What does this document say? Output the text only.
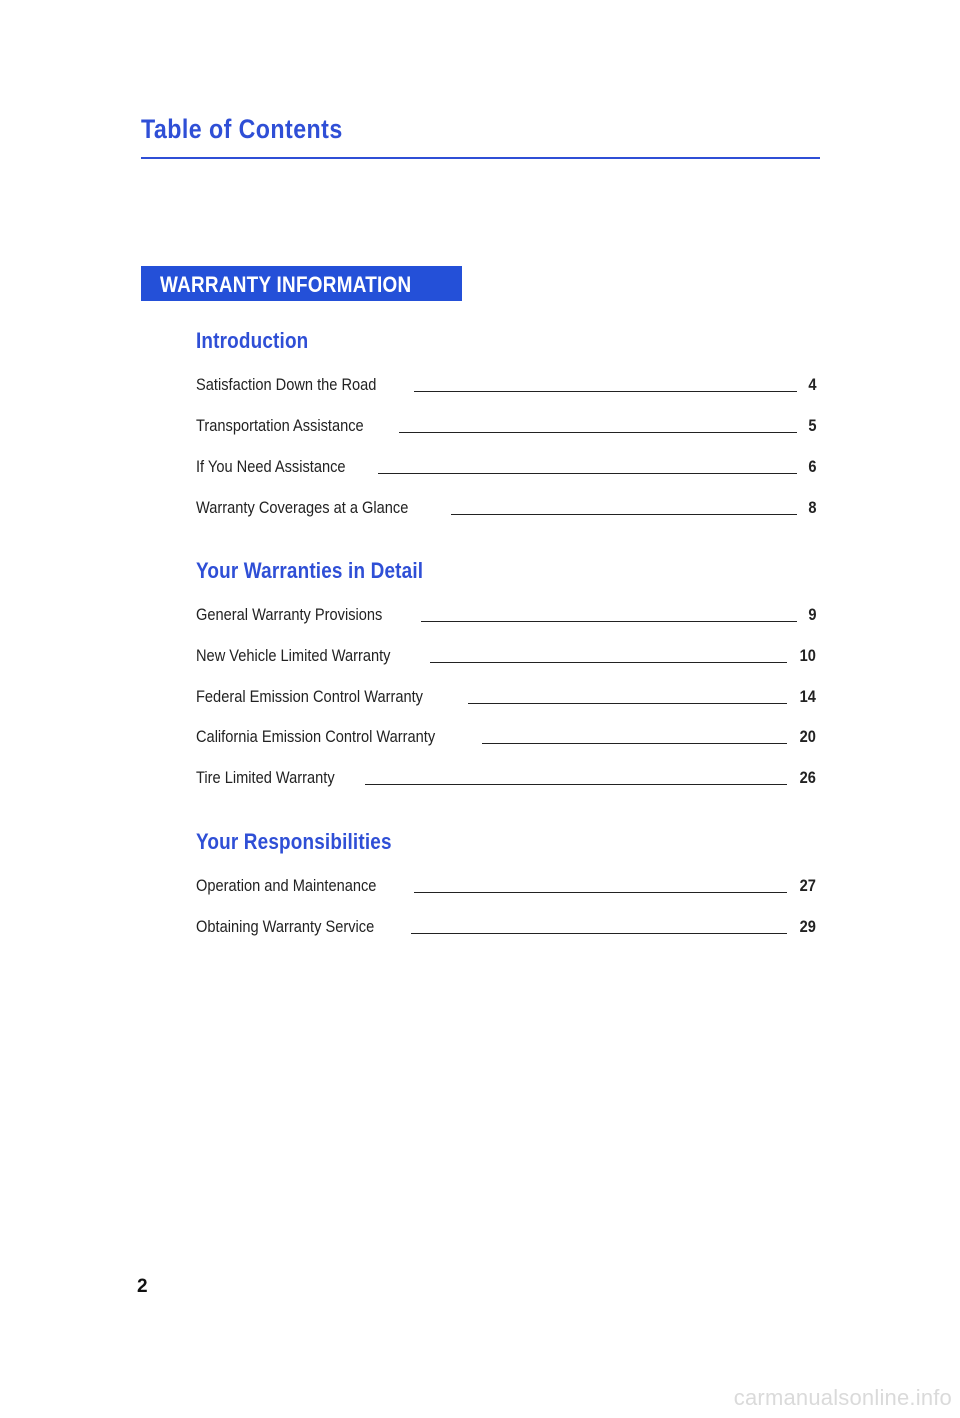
Table of Contents
WARRANTY INFORMATION
Introduction
Satisfaction Down the Road	4
Transportation Assistance	5
If You Need Assistance	6
Warranty Coverages at a Glance	8
Your Warranties in Detail
General Warranty Provisions	9
New Vehicle Limited Warranty	10
Federal Emission Control Warranty	14
California Emission Control Warranty	20
Tire Limited Warranty	26
Your Responsibilities
Operation and Maintenance	27
Obtaining Warranty Service	29
2
carmanualsonline.info
